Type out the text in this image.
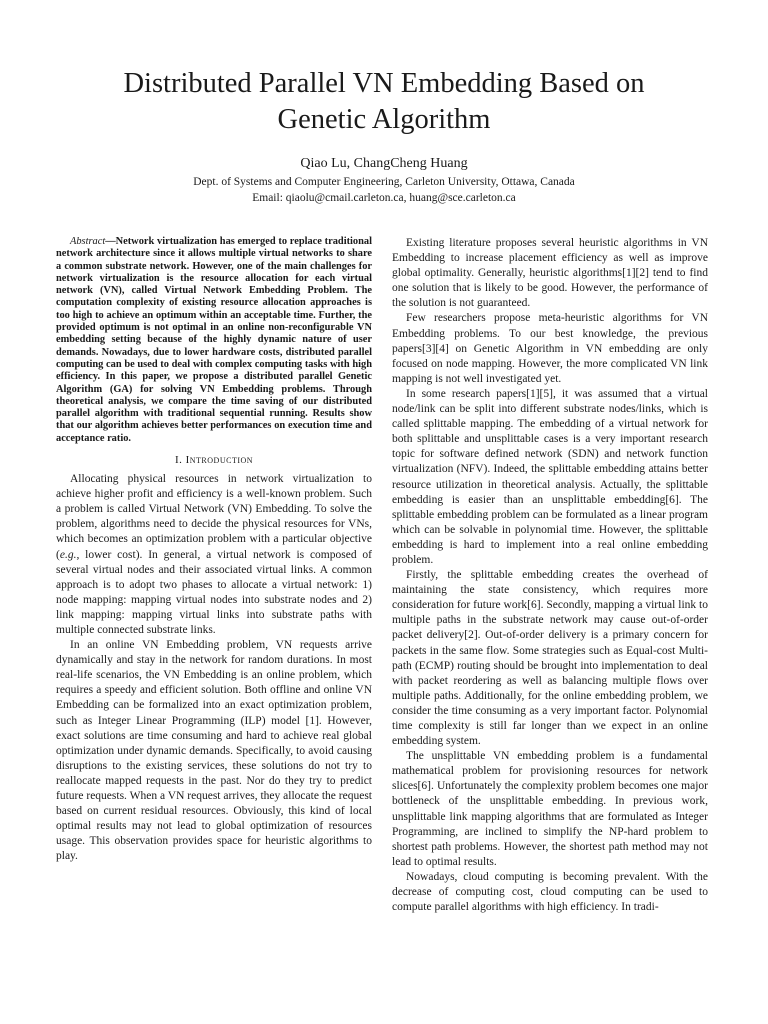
Distributed Parallel VN Embedding Based on
Genetic Algorithm
Qiao Lu, ChangCheng Huang
Dept. of Systems and Computer Engineering, Carleton University, Ottawa, Canada
Email: qiaolu@cmail.carleton.ca, huang@sce.carleton.ca

Abstract—Network virtualization has emerged to replace traditional network architecture since it allows multiple virtual networks to share a common substrate network. However, one of the main challenges for network virtualization is the resource allocation for each virtual network (VN), called Virtual Network Embedding Problem. The computation complexity of existing resource allocation approaches is too high to achieve an optimum within an acceptable time. Further, the provided optimum is not optimal in an online non-reconfigurable VN embedding setting because of the highly dynamic nature of user demands. Nowadays, due to lower hardware costs, distributed parallel computing can be used to deal with complex computing tasks with high efficiency. In this paper, we propose a distributed parallel Genetic Algorithm (GA) for solving VN Embedding problems. Through theoretical analysis, we compare the time saving of our distributed parallel algorithm with traditional sequential running. Results show that our algorithm achieves better performances on execution time and acceptance ratio.

I. Introduction

Allocating physical resources in network virtualization to achieve higher profit and efficiency is a well-known problem. Such a problem is called Virtual Network (VN) Embedding. To solve the problem, algorithms need to decide the physical resources for VNs, which becomes an optimization problem with a particular objective (e.g., lower cost). In general, a virtual network is composed of several virtual nodes and their associated virtual links. A common approach is to adopt two phases to allocate a virtual network: 1) node mapping: mapping virtual nodes into substrate nodes and 2) link mapping: mapping virtual links into substrate paths with multiple connected substrate links.

In an online VN Embedding problem, VN requests arrive dynamically and stay in the network for random durations. In most real-life scenarios, the VN Embedding is an online problem, which requires a speedy and efficient solution. Both offline and online VN Embedding can be formalized into an exact optimization problem, such as Integer Linear Programming (ILP) model [1]. However, exact solutions are time consuming and hard to achieve real global optimization under dynamic demands. Specifically, to avoid causing disruptions to the existing services, these solutions do not try to reallocate mapped requests in the past. Nor do they try to predict future requests. When a VN request arrives, they allocate the request based on current residual resources. Obviously, this kind of local optimal results may not lead to global optimization of resources usage. This observation provides space for heuristic algorithms to play.

Existing literature proposes several heuristic algorithms in VN Embedding to increase placement efficiency as well as improve global optimality. Generally, heuristic algorithms[1][2] tend to find one solution that is likely to be good. However, the performance of the solution is not guaranteed.

Few researchers propose meta-heuristic algorithms for VN Embedding problems. To our best knowledge, the previous papers[3][4] on Genetic Algorithm in VN embedding are only focused on node mapping. However, the more complicated VN link mapping is not well investigated yet.

In some research papers[1][5], it was assumed that a virtual node/link can be split into different substrate nodes/links, which is called splittable mapping. The embedding of a virtual network for both splittable and unsplittable cases is a very important research topic for software defined network (SDN) and network function virtualization (NFV). Indeed, the splittable embedding attains better resource utilization in theoretical analysis. Actually, the splittable embedding is easier than an unsplittable embedding[6]. The splittable embedding problem can be formulated as a linear program which can be solvable in polynomial time. However, the splittable embedding is hard to implement into a real online embedding problem.

Firstly, the splittable embedding creates the overhead of maintaining the state consistency, which requires more consideration for future work[6]. Secondly, mapping a virtual link to multiple paths in the substrate network may cause out-of-order packet delivery[2]. Out-of-order delivery is a primary concern for packets in the same flow. Some strategies such as Equal-cost Multi-path (ECMP) routing should be brought into implementation to deal with packet reordering as well as balancing multiple flows over multiple paths. Additionally, for the online embedding problem, we consider the time consuming as a very important factor. Polynomial time complexity is still far longer than we expect in an online embedding system.

The unsplittable VN embedding problem is a fundamental mathematical problem for provisioning resources for network slices[6]. Unfortunately the complexity problem becomes one major bottleneck of the unsplittable embedding. In previous work, unsplittable link mapping algorithms that are formulated as Integer Programming, are inclined to simplify the NP-hard problem to shortest path problems. However, the shortest path method may not lead to optimal results.

Nowadays, cloud computing is becoming prevalent. With the decrease of computing cost, cloud computing can be used to compute parallel algorithms with high efficiency. In tradi-
